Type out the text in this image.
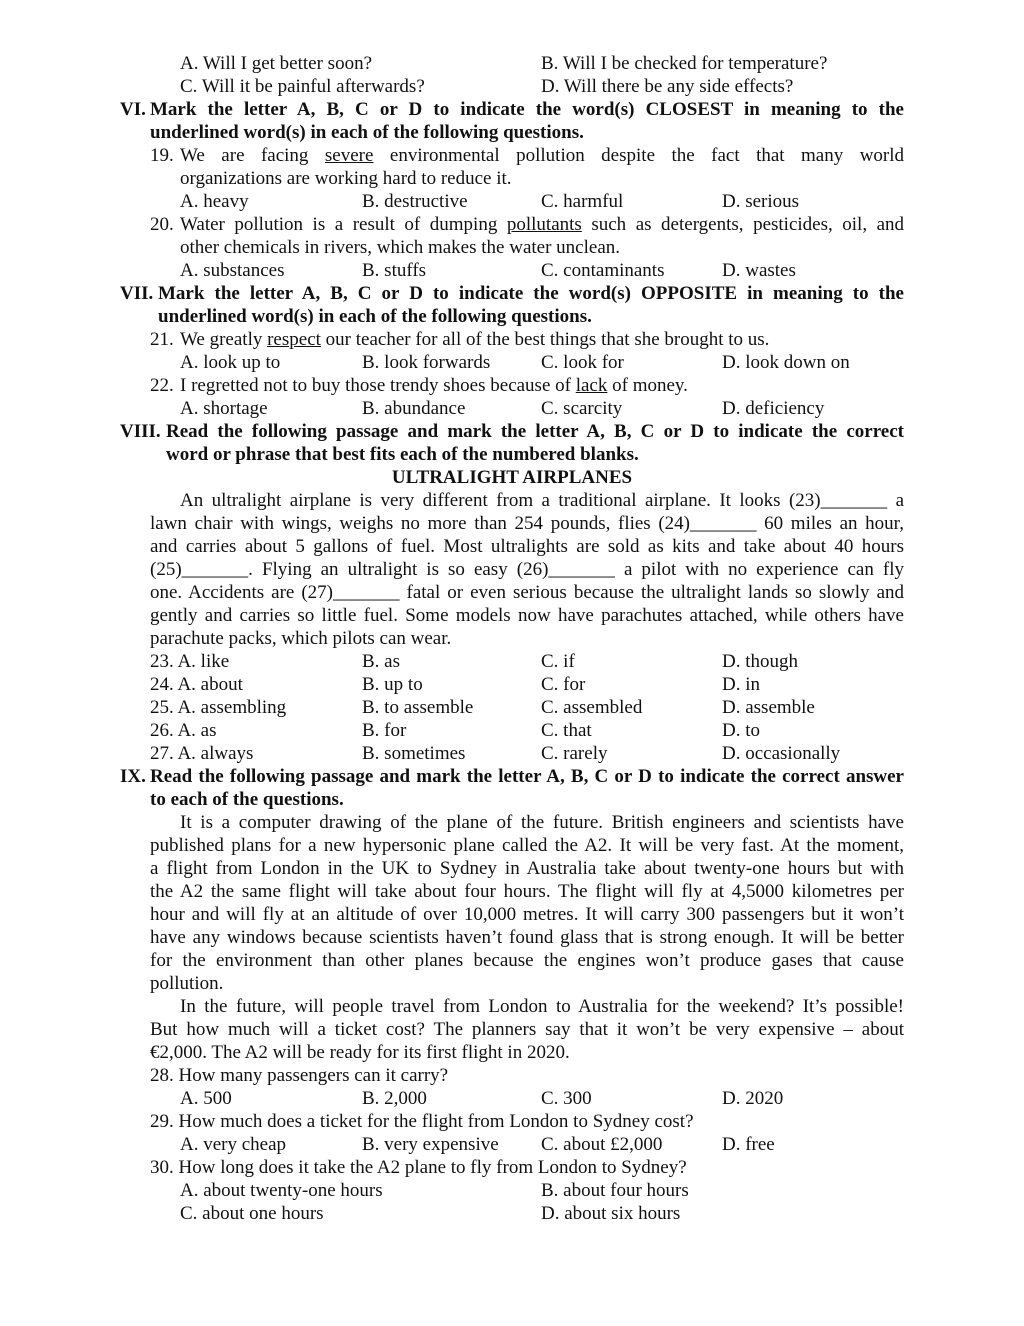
A. Will I get better soon?	B. Will I be checked for temperature?
C. Will it be painful afterwards?	D. Will there be any side effects?
VI. Mark the letter A, B, C or D to indicate the word(s) CLOSEST in meaning to the
underlined word(s) in each of the following questions.
19. We are facing severe environmental pollution despite the fact that many world
organizations are working hard to reduce it.
A. heavy	B. destructive	C. harmful	D. serious
20. Water pollution is a result of dumping pollutants such as detergents, pesticides, oil, and
other chemicals in rivers, which makes the water unclean.
A. substances	B. stuffs	C. contaminants	D. wastes
VII. Mark the letter A, B, C or D to indicate the word(s) OPPOSITE in meaning to the
underlined word(s) in each of the following questions.
21. We greatly respect our teacher for all of the best things that she brought to us.
A. look up to	B. look forwards	C. look for	D. look down on
22. I regretted not to buy those trendy shoes because of lack of money.
A. shortage	B. abundance	C. scarcity	D. deficiency
VIII. Read the following passage and mark the letter A, B, C or D to indicate the correct
word or phrase that best fits each of the numbered blanks.
ULTRALIGHT AIRPLANES
An ultralight airplane is very different from a traditional airplane. It looks (23)_______ a
lawn chair with wings, weighs no more than 254 pounds, flies (24)_______ 60 miles an hour,
and carries about 5 gallons of fuel. Most ultralights are sold as kits and take about 40 hours
(25)_______. Flying an ultralight is so easy (26)_______ a pilot with no experience can fly
one. Accidents are (27)_______ fatal or even serious because the ultralight lands so slowly and
gently and carries so little fuel. Some models now have parachutes attached, while others have
parachute packs, which pilots can wear.
23. A. like	B. as	C. if	D. though
24. A. about	B. up to	C. for	D. in
25. A. assembling	B. to assemble	C. assembled	D. assemble
26. A. as	B. for	C. that	D. to
27. A. always	B. sometimes	C. rarely	D. occasionally
IX. Read the following passage and mark the letter A, B, C or D to indicate the correct answer
to each of the questions.
It is a computer drawing of the plane of the future. British engineers and scientists have
published plans for a new hypersonic plane called the A2. It will be very fast. At the moment,
a flight from London in the UK to Sydney in Australia take about twenty-one hours but with
the A2 the same flight will take about four hours. The flight will fly at 4,5000 kilometres per
hour and will fly at an altitude of over 10,000 metres. It will carry 300 passengers but it won’t
have any windows because scientists haven’t found glass that is strong enough. It will be better
for the environment than other planes because the engines won’t produce gases that cause
pollution.
In the future, will people travel from London to Australia for the weekend? It’s possible!
But how much will a ticket cost? The planners say that it won’t be very expensive – about
€2,000. The A2 will be ready for its first flight in 2020.
28. How many passengers can it carry?
A. 500	B. 2,000	C. 300	D. 2020
29. How much does a ticket for the flight from London to Sydney cost?
A. very cheap	B. very expensive C. about £2,000	D. free
30. How long does it take the A2 plane to fly from London to Sydney?
A. about twenty-one hours	B. about four hours
C. about one hours	D. about six hours
